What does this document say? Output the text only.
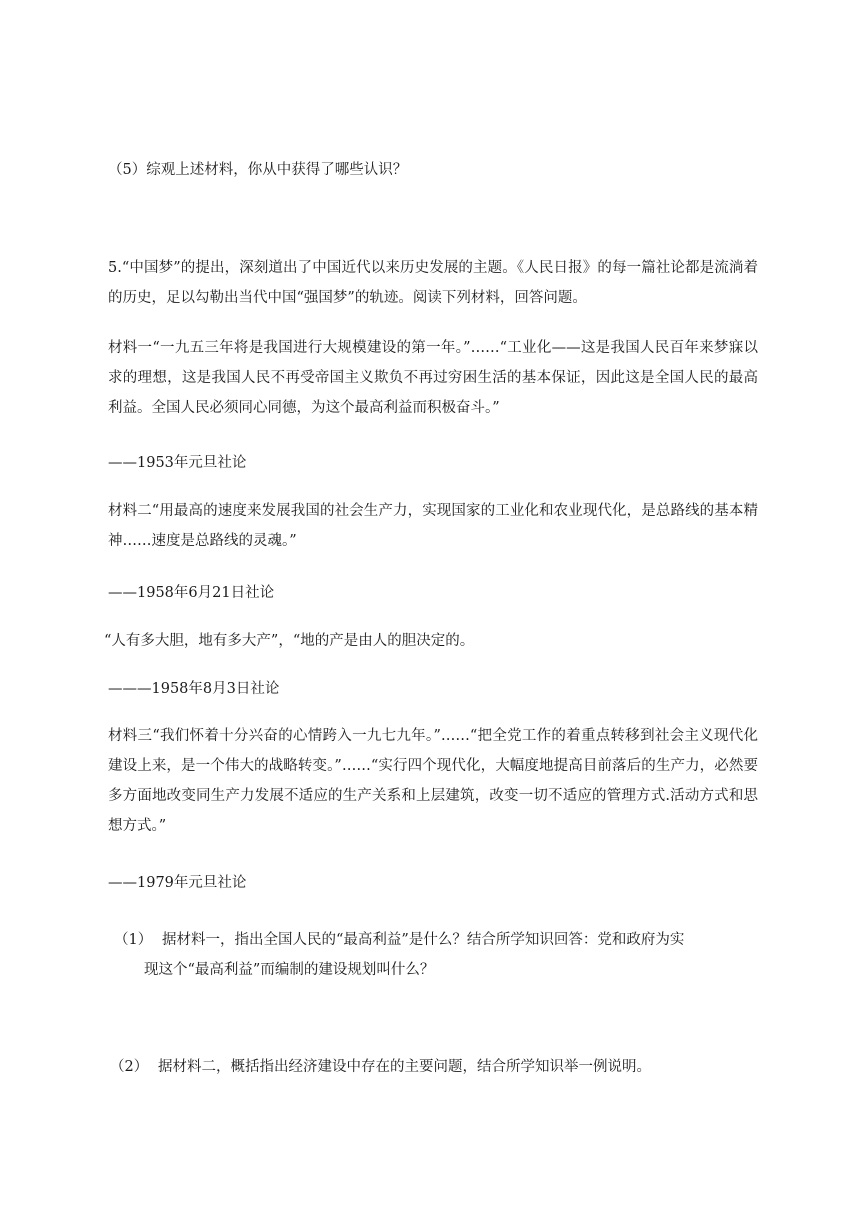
（5）综观上述材料，你从中获得了哪些认识？
5.“中国梦”的提出，深刻道出了中国近代以来历史发展的主题。《人民日报》的每一篇社论都是流淌着的历史，足以勾勒出当代中国“强国梦”的轨迹。阅读下列材料，回答问题。
材料一“一九五三年将是我国进行大规模建设的第一年。”……“工业化——这是我国人民百年来梦寐以求的理想，这是我国人民不再受帝国主义欺负不再过穷困生活的基本保证，因此这是全国人民的最高利益。全国人民必须同心同德，为这个最高利益而积极奋斗。”
——1953年元旦社论
材料二“用最高的速度来发展我国的社会生产力，实现国家的工业化和农业现代化，是总路线的基本精神……速度是总路线的灵魂。”
——1958年6月21日社论
“人有多大胆，地有多大产”，“地的产是由人的胆决定的。
———1958年8月3日社论
材料三“我们怀着十分兴奋的心情跨入一九七九年。”……“把全党工作的着重点转移到社会主义现代化建设上来，是一个伟大的战略转变。”……“实行四个现代化，大幅度地提高目前落后的生产力，必然要多方面地改变同生产力发展不适应的生产关系和上层建筑，改变一切不适应的管理方式.活动方式和思想方式。”
——1979年元旦社论
（1） 据材料一，指出全国人民的“最高利益”是什么？结合所学知识回答：党和政府为实
现这个“最高利益”而编制的建设规划叫什么？
（2） 据材料二，概括指出经济建设中存在的主要问题，结合所学知识举一例说明。
